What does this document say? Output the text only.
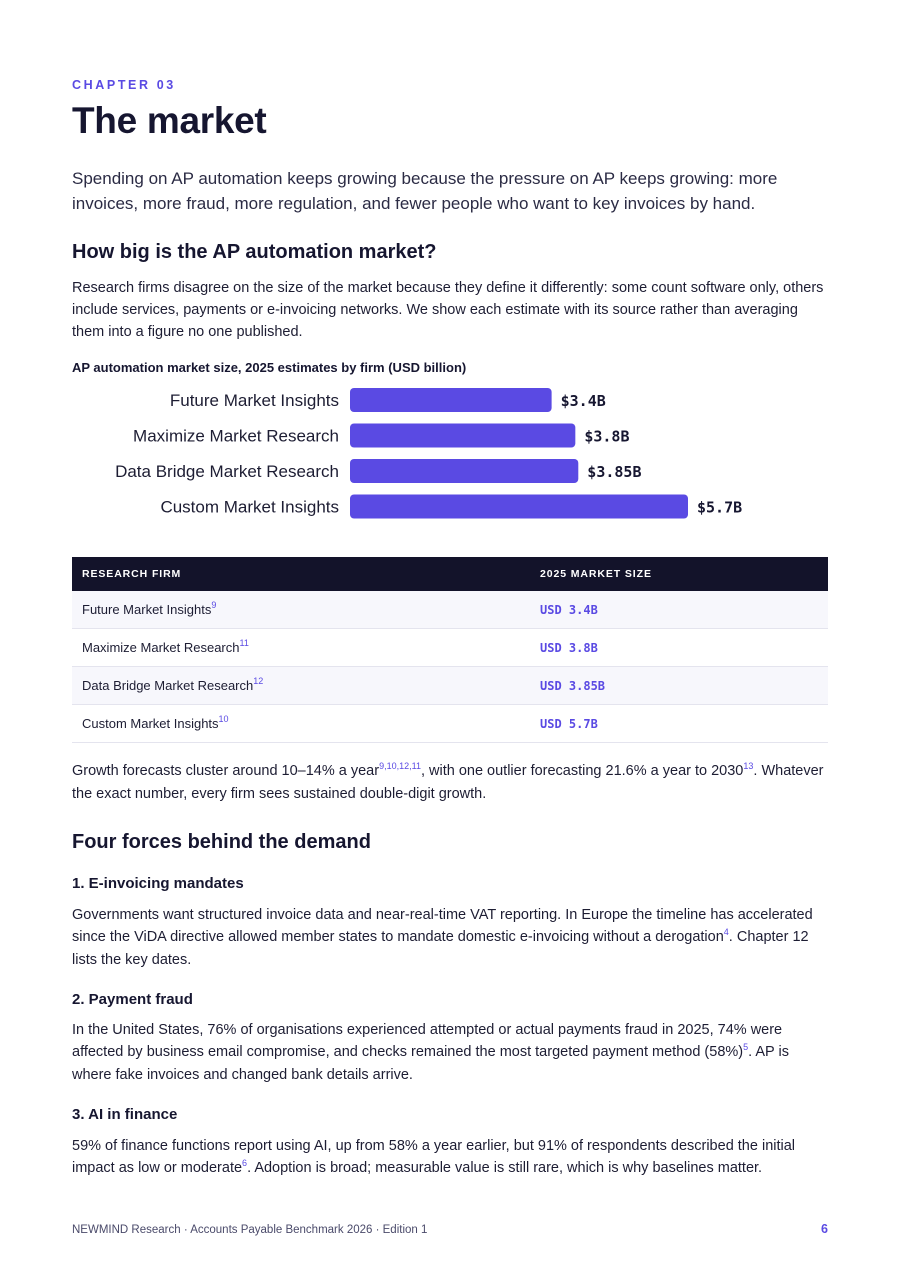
CHAPTER 03
The market
Spending on AP automation keeps growing because the pressure on AP keeps growing: more invoices, more fraud, more regulation, and fewer people who want to key invoices by hand.
How big is the AP automation market?
Research firms disagree on the size of the market because they define it differently: some count software only, others include services, payments or e-invoicing networks. We show each estimate with its source rather than averaging them into a figure no one published.
AP automation market size, 2025 estimates by firm (USD billion)
Future Market Insights	$3.4B
Maximize Market Research	$3.8B
Data Bridge Market Research	$3.85B
Custom Market Insights	$5.7B
RESEARCH FIRM	2025 MARKET SIZE
Future Market Insights$^9$	USD 3.4B
Maximize Market Research$^{11}$	USD 3.8B
Data Bridge Market Research$^{12}$	USD 3.85B
Custom Market Insights$^{10}$	USD 5.7B
Growth forecasts cluster around 10–14% a year$^{9,10,12,11}$, with one outlier forecasting 21.6% a year to 2030$^{13}$. Whatever the exact number, every firm sees sustained double-digit growth.
Four forces behind the demand
1. E-invoicing mandates
Governments want structured invoice data and near-real-time VAT reporting. In Europe the timeline has accelerated since the ViDA directive allowed member states to mandate domestic e-invoicing without a derogation$^4$. Chapter 12 lists the key dates.
2. Payment fraud
In the United States, 76% of organisations experienced attempted or actual payments fraud in 2025, 74% were affected by business email compromise, and checks remained the most targeted payment method $(58\%)^5$. AP is where fake invoices and changed bank details arrive.
3. AI in finance
59% of finance functions report using AI, up from 58% a year earlier, but 91% of respondents described the initial impact as low or moderate$^6$. Adoption is broad; measurable value is still rare, which is why baselines matter.
NEWMIND Research · Accounts Payable Benchmark 2026 · Edition 1	6
